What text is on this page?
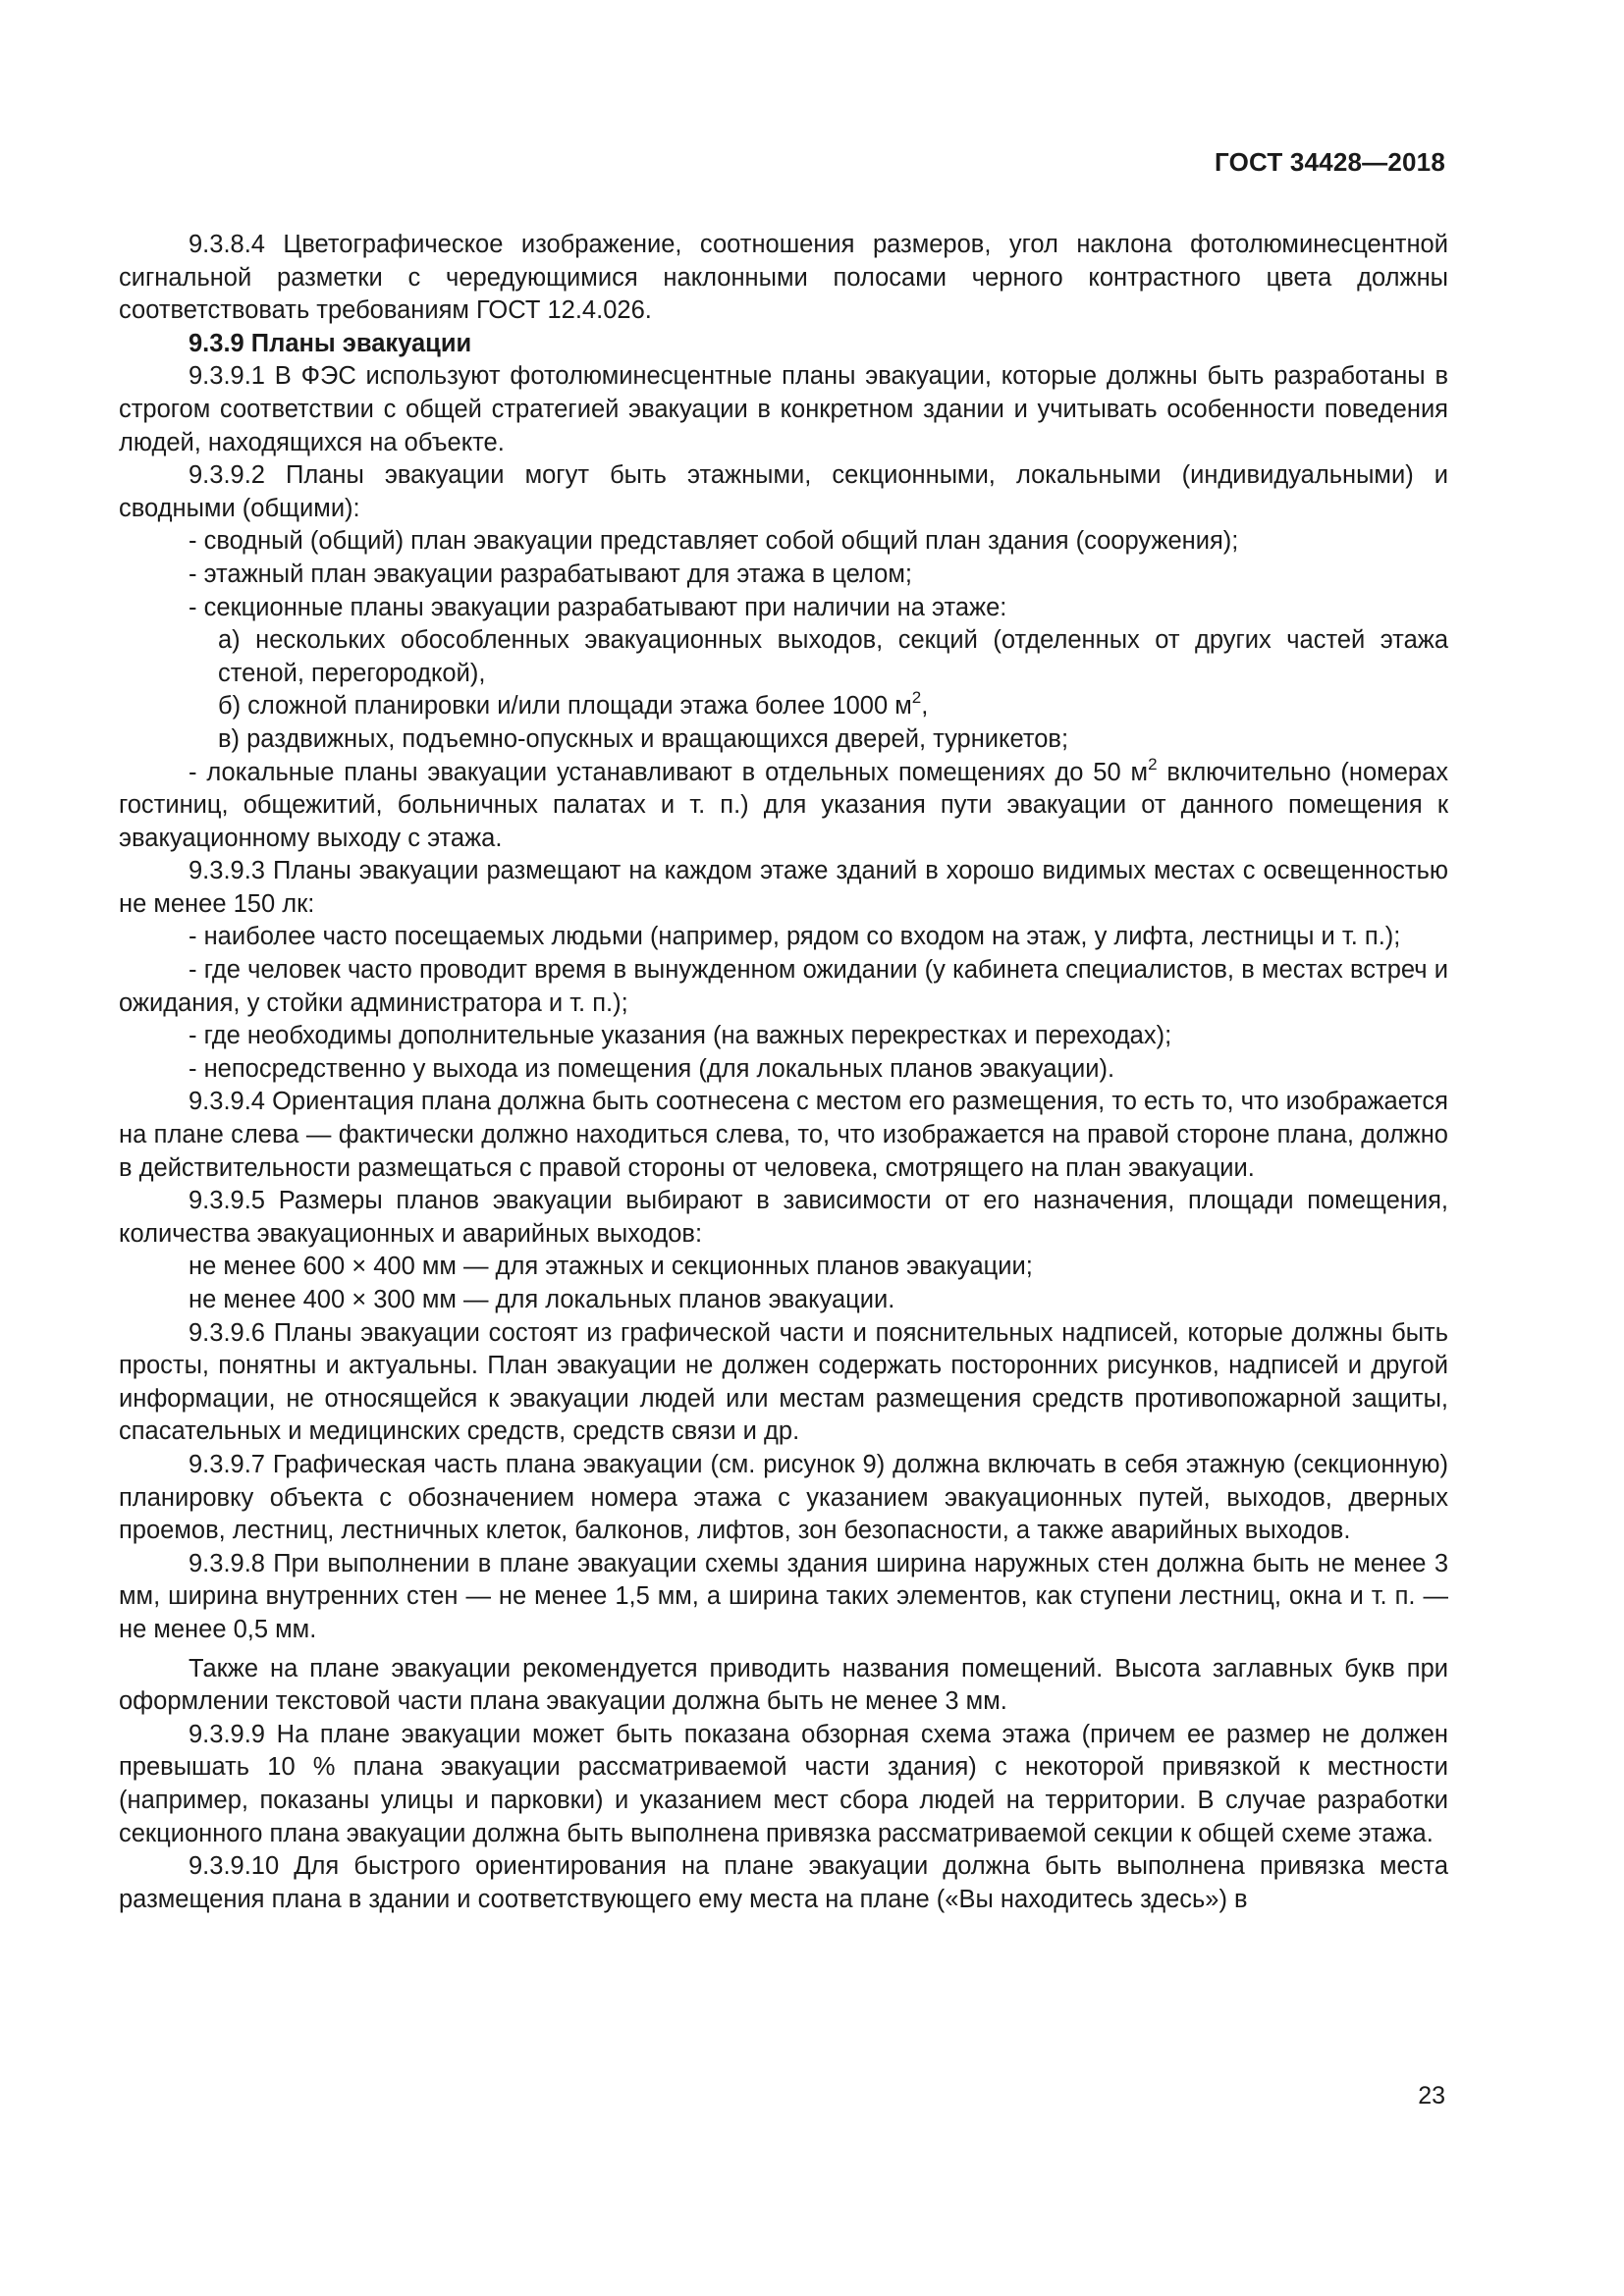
ГОСТ 34428—2018

9.3.8.4 Цветографическое изображение, соотношения размеров, угол наклона фотолюминесцентной сигнальной разметки с чередующимися наклонными полосами черного контрастного цвета должны соответствовать требованиям ГОСТ 12.4.026.

9.3.9 Планы эвакуации

9.3.9.1 В ФЭС используют фотолюминесцентные планы эвакуации, которые должны быть разработаны в строгом соответствии с общей стратегией эвакуации в конкретном здании и учитывать особенности поведения людей, находящихся на объекте.

9.3.9.2 Планы эвакуации могут быть этажными, секционными, локальными (индивидуальными) и сводными (общими):

- сводный (общий) план эвакуации представляет собой общий план здания (сооружения);

- этажный план эвакуации разрабатывают для этажа в целом;

- секционные планы эвакуации разрабатывают при наличии на этаже:

а) нескольких обособленных эвакуационных выходов, секций (отделенных от других частей этажа стеной, перегородкой),

б) сложной планировки и/или площади этажа более 1000 $м^2$,

в) раздвижных, подъемно-опускных и вращающихся дверей, турникетов;

- локальные планы эвакуации устанавливают в отдельных помещениях до 50 $м^2$ включительно (номерах гостиниц, общежитий, больничных палатах и т. п.) для указания пути эвакуации от данного помещения к эвакуационному выходу с этажа.

9.3.9.3 Планы эвакуации размещают на каждом этаже зданий в хорошо видимых местах с освещенностью не менее 150 лк:

- наиболее часто посещаемых людьми (например, рядом со входом на этаж, у лифта, лестницы и т. п.);

- где человек часто проводит время в вынужденном ожидании (у кабинета специалистов, в местах встреч и ожидания, у стойки администратора и т. п.);

- где необходимы дополнительные указания (на важных перекрестках и переходах);

- непосредственно у выхода из помещения (для локальных планов эвакуации).

9.3.9.4 Ориентация плана должна быть соотнесена с местом его размещения, то есть то, что изображается на плане слева — фактически должно находиться слева, то, что изображается на правой стороне плана, должно в действительности размещаться с правой стороны от человека, смотрящего на план эвакуации.

9.3.9.5 Размеры планов эвакуации выбирают в зависимости от его назначения, площади помещения, количества эвакуационных и аварийных выходов:

не менее 600 × 400 мм — для этажных и секционных планов эвакуации;

не менее 400 × 300 мм — для локальных планов эвакуации.

9.3.9.6 Планы эвакуации состоят из графической части и пояснительных надписей, которые должны быть просты, понятны и актуальны. План эвакуации не должен содержать посторонних рисунков, надписей и другой информации, не относящейся к эвакуации людей или местам размещения средств противопожарной защиты, спасательных и медицинских средств, средств связи и др.

9.3.9.7 Графическая часть плана эвакуации (см. рисунок 9) должна включать в себя этажную (секционную) планировку объекта с обозначением номера этажа с указанием эвакуационных путей, выходов, дверных проемов, лестниц, лестничных клеток, балконов, лифтов, зон безопасности, а также аварийных выходов.

9.3.9.8 При выполнении в плане эвакуации схемы здания ширина наружных стен должна быть не менее 3 мм, ширина внутренних стен — не менее 1,5 мм, а ширина таких элементов, как ступени лестниц, окна и т. п. — не менее 0,5 мм.

Также на плане эвакуации рекомендуется приводить названия помещений. Высота заглавных букв при оформлении текстовой части плана эвакуации должна быть не менее 3 мм.

9.3.9.9 На плане эвакуации может быть показана обзорная схема этажа (причем ее размер не должен превышать 10 % плана эвакуации рассматриваемой части здания) с некоторой привязкой к местности (например, показаны улицы и парковки) и указанием мест сбора людей на территории. В случае разработки секционного плана эвакуации должна быть выполнена привязка рассматриваемой секции к общей схеме этажа.

9.3.9.10 Для быстрого ориентирования на плане эвакуации должна быть выполнена привязка места размещения плана в здании и соответствующего ему места на плане («Вы находитесь здесь») в

23
